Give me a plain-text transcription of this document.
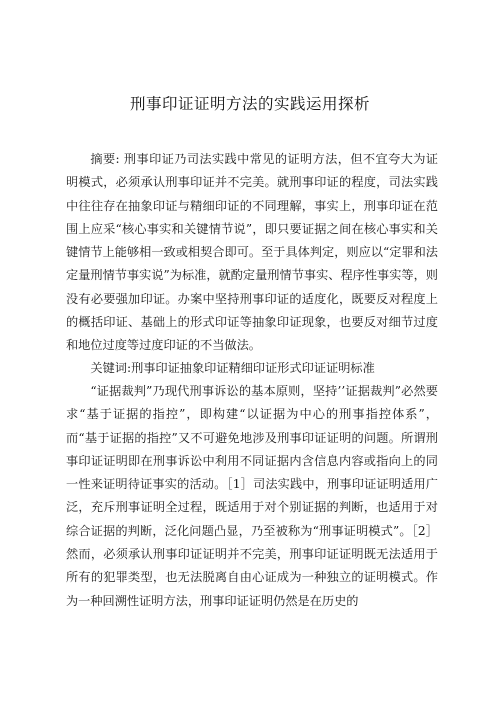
刑事印证证明方法的实践运用探析

摘要: 刑事印证乃司法实践中常见的证明方法，但不宜夸大为证明模式，必须承认刑事印证并不完美。就刑事印证的程度，司法实践中往往存在抽象印证与精细印证的不同理解，事实上，刑事印证在范围上应采“核心事实和关键情节说”，即只要证据之间在核心事实和关键情节上能够相一致或相契合即可。至于具体判定，则应以“定罪和法定量刑情节事实说”为标准，就酌定量刑情节事实、程序性事实等，则没有必要强加印证。办案中坚持刑事印证的适度化，既要反对程度上的概括印证、基础上的形式印证等抽象印证现象，也要反对细节过度和地位过度等过度印证的不当做法。

关键词:刑事印证抽象印证精细印证形式印证证明标准

“证据裁判”乃现代刑事诉讼的基本原则，坚持’’证据裁判”必然要求“基于证据的指控”，即构建“以证据为中心的刑事指控体系”，而“基于证据的指控”又不可避免地涉及刑事印证证明的问题。所谓刑事印证证明即在刑事诉讼中利用不同证据内含信息内容或指向上的同一性来证明待证事实的活动。［1］司法实践中，刑事印证证明适用广泛，充斥刑事证明全过程，既适用于对个别证据的判断，也适用于对综合证据的判断，泛化问题凸显，乃至被称为“刑事证明模式”。［2］然而，必须承认刑事印证证明并不完美，刑事印证证明既无法适用于所有的犯罪类型，也无法脱离自由心证成为一种独立的证明模式。作为一种回溯性证明方法，刑事印证证明仍然是在历史的
